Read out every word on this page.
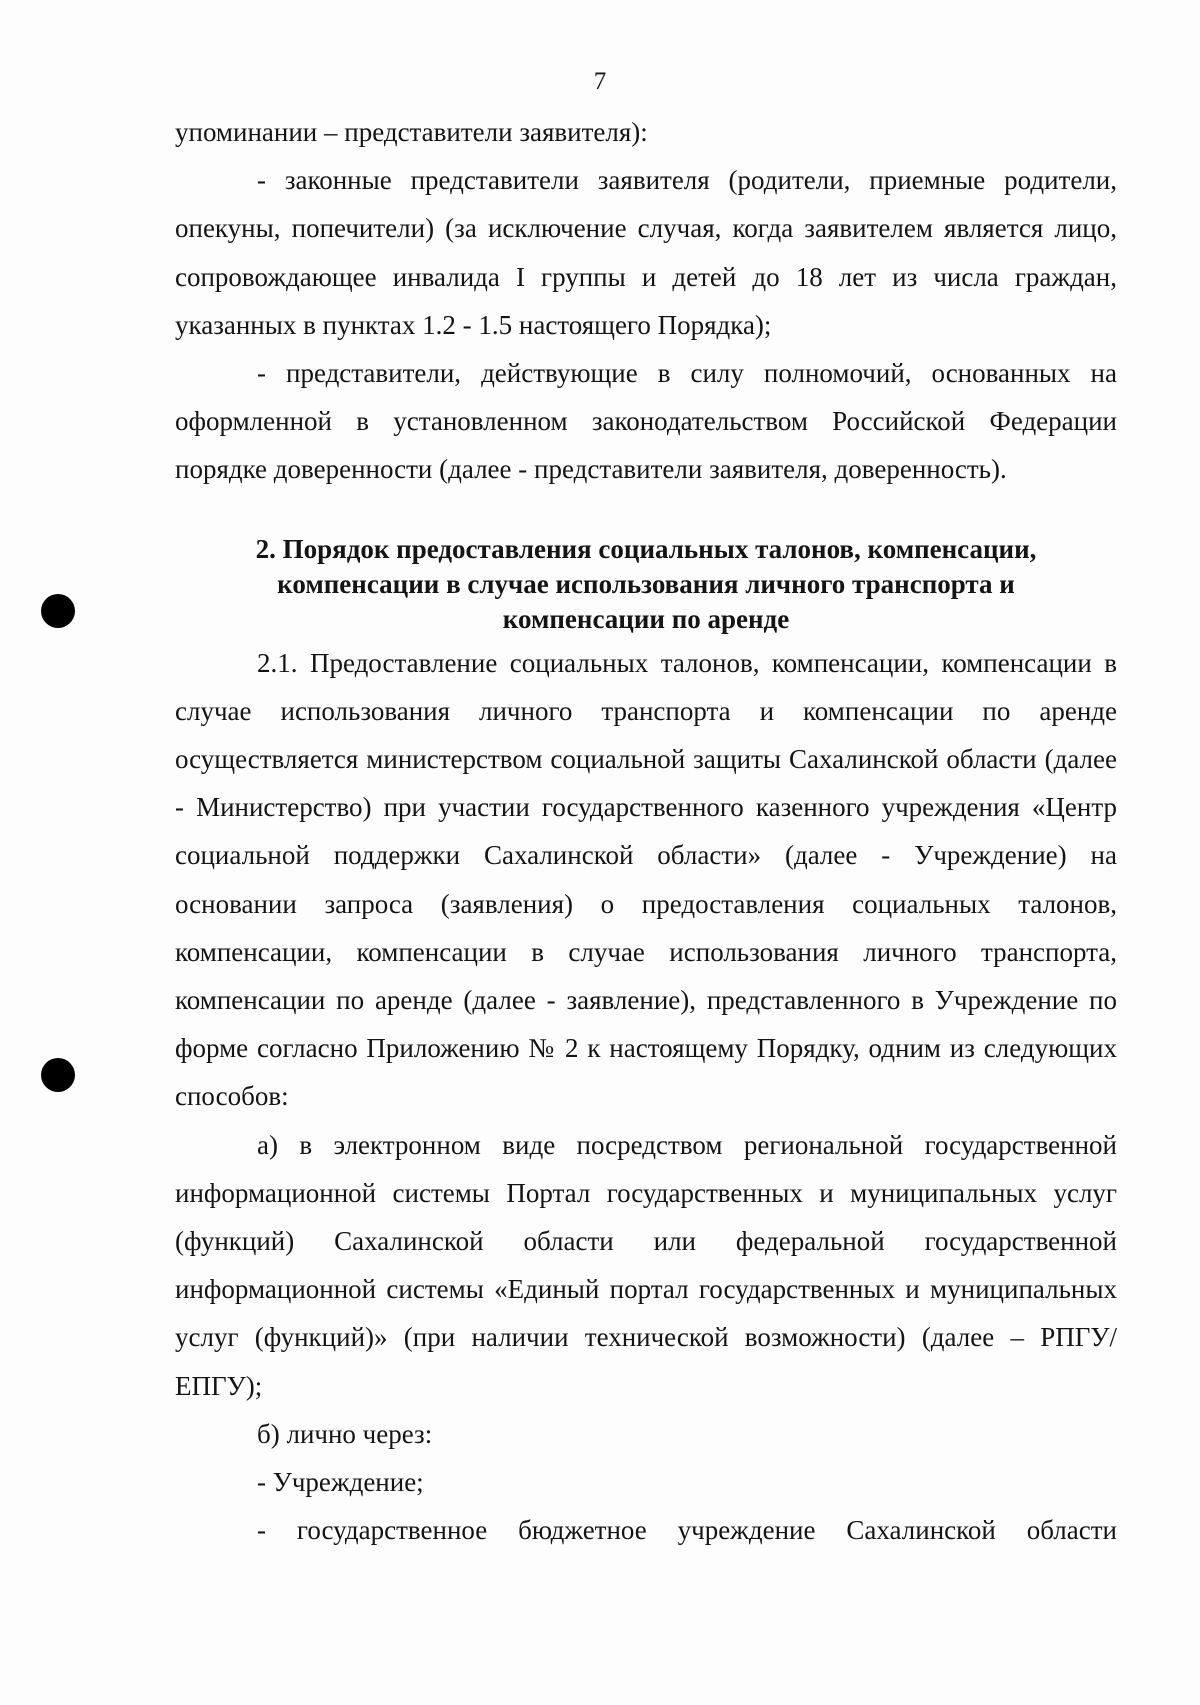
7

упоминании – представители заявителя):

- законные представители заявителя (родители, приемные родители, опекуны, попечители) (за исключение случая, когда заявителем является лицо, сопровождающее инвалида I группы и детей до 18 лет из числа граждан, указанных в пунктах 1.2 - 1.5 настоящего Порядка);

- представители, действующие в силу полномочий, основанных на оформленной в установленном законодательством Российской Федерации порядке доверенности (далее - представители заявителя, доверенность).

2. Порядок предоставления социальных талонов, компенсации,
компенсации в случае использования личного транспорта и
компенсации по аренде

2.1. Предоставление социальных талонов, компенсации, компенсации в случае использования личного транспорта и компенсации по аренде осуществляется министерством социальной защиты Сахалинской области (далее - Министерство) при участии государственного казенного учреждения «Центр социальной поддержки Сахалинской области» (далее - Учреждение) на основании запроса (заявления) о предоставления социальных талонов, компенсации, компенсации в случае использования личного транспорта, компенсации по аренде (далее - заявление), представленного в Учреждение по форме согласно Приложению № 2 к настоящему Порядку, одним из следующих способов:

а) в электронном виде посредством региональной государственной информационной системы Портал государственных и муниципальных услуг (функций) Сахалинской области или федеральной государственной информационной системы «Единый портал государственных и муниципальных услуг (функций)» (при наличии технической возможности) (далее – РПГУ/ЕПГУ);

б) лично через:

- Учреждение;

- государственное бюджетное учреждение Сахалинской области
